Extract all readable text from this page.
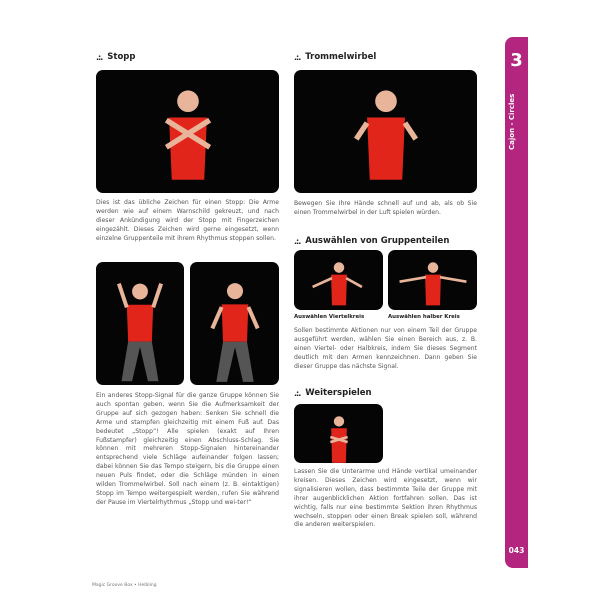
.:. Stopp
Dies ist das übliche Zeichen für einen Stopp: Die Arme werden wie auf einem Warnschild gekreuzt, und nach dieser Ankündigung wird der Stopp mit Fingerzeichen eingezählt. Dieses Zeichen wird gerne eingesetzt, wenn einzelne Gruppenteile mit ihrem Rhythmus stoppen sollen.
Ein anderes Stopp-Signal für die ganze Gruppe können Sie auch spontan geben, wenn Sie die Aufmerksamkeit der Gruppe auf sich gezogen haben: Senken Sie schnell die Arme und stampfen gleichzeitig mit einem Fuß auf. Das bedeutet „Stopp“! Alle spielen (exakt auf Ihren Fußstampfer) gleichzeitig einen Abschluss-Schlag. Sie können mit mehreren Stopp-Signalen hintereinander entsprechend viele Schläge aufeinander folgen lassen; dabei können Sie das Tempo steigern, bis die Gruppe einen neuen Puls findet, oder die Schläge münden in einen wilden Trommelwirbel. Soll nach einem (z. B. eintaktigen) Stopp im Tempo weitergespielt werden, rufen Sie während der Pause im Viertelrhythmus „Stopp und wei-ter!“
.:. Trommelwirbel
Bewegen Sie Ihre Hände schnell auf und ab, als ob Sie einen Trommelwirbel in der Luft spielen würden.
.:. Auswählen von Gruppenteilen
Auswählen Viertelkreis	Auswählen halber Kreis
Sollen bestimmte Aktionen nur von einem Teil der Gruppe ausgeführt werden, wählen Sie einen Bereich aus, z. B. einen Viertel- oder Halbkreis, indem Sie dieses Segment deutlich mit den Armen kennzeichnen. Dann geben Sie dieser Gruppe das nächste Signal.
.:. Weiterspielen
Lassen Sie die Unterarme und Hände vertikal umeinander kreisen. Dieses Zeichen wird eingesetzt, wenn wir signalisieren wollen, dass bestimmte Teile der Gruppe mit ihrer augenblicklichen Aktion fortfahren sollen. Das ist wichtig, falls nur eine bestimmte Sektion ihren Rhythmus wechseln, stoppen oder einen Break spielen soll, während die anderen weiterspielen.
3
Cajon - Circles
043
Magic Groove Box • Helbling
